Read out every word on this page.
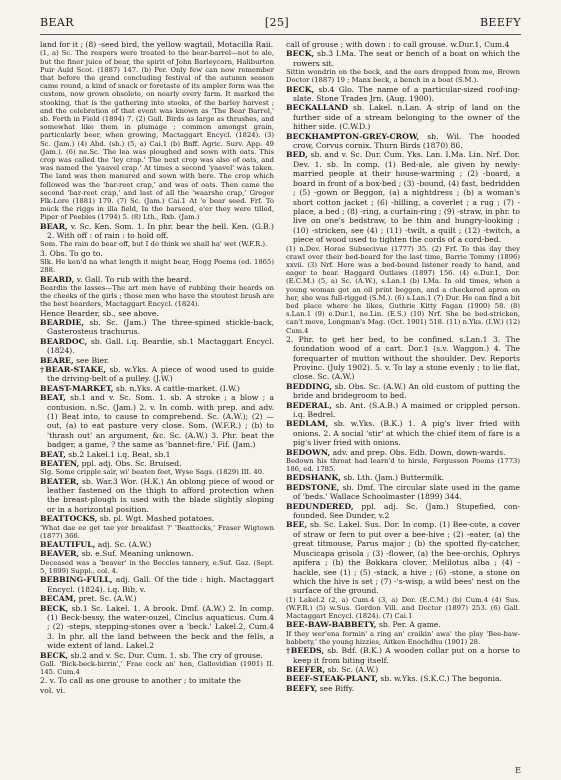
BEAR	[25]	BEEFY

land for it ; (8) -seed bird, the yellow wagtail, Motacilla Raii.

(1, a) Sc. The reapers were treated to the bear-barrel—not to ale, but the finer juice of bear, the spirit of John Barleycorn, Haliburton Puir Auld Scot. (1887) 147. (b) Per. Only few can now remember that before the grand concluding festival of the autumn season came round, a kind of snack or foretaste of its ampler form was the custom, now grown obsolete, on nearly every farm. It marked the stooking, that is the gathering into stooks, of the barley harvest ; and the celebration of that event was known as 'The Bear Barrel,' sb. Forth in Field (1894) 7. (2) Gall. Birds as large as thrushes, and somewhat like them in plumage ; common amongst grain, particularly beer, when growing, Mactaggart Encycl. (1824). (3) Sc. (Jam.) (4) Abd. (sb.) (5, a) Cai.1 (b) Bnff. Agric. Surv. App. 49 (Jam.). (6) ne.Sc. The lea was ploughed and sown with oats. This crop was called the 'ley crap.' The next crop was also of oats, and was named the 'yaavel crap.' At times a second 'yaavel' was taken. The land was then manured and sown with bere. The crop which followed was the 'bar-reet crap,' and was of oats. Then came the second 'bar-reet crap,' and last of all the 'waarshe crap,' Gregor Flk-Lore (1881) 179. (7) Sc. (Jam.) Cai.1 At 'e bear seed. Frf. To muck the riggs in illa field, In the barseed, e'er they were tilled, Piper of Peebles (1794) 5. (8) Lth., Rxb. (Jam.)

BEAR, v. Sc. Ken. Som. 1. In phr. bear the bell. Ken. (G.B.) 2. With off : of rain : to hold off.

Som. The rain do bear off, but I do think we shall ha' wet (W.F.R.).

3. Obs. To go to.

Slk. He ken'd na what length it might bear, Hogg Poems (ed. 1865) 288.

BEARD, v. Gall. To rub with the beard.

Beardin the lasses—The art men have of rubbing their beards on the cheeks of the girls ; those men who have the stoutest brush are the best bearders, Mactaggart Encycl. (1824).

Hence Bearder, sb., see above.

BEARDIE, sb. Sc. (Jam.) The three-spined stickle-back, Gasterosteus trachurus.

BEARDOC, sb. Gall. i.q. Beardie, sb.1 Mactaggart Encycl. (1824).

BEARE, see Bier.

†BEAR-STAKE, sb. w.Yks. A piece of wood used to guide the driving-belt of a pulley. (J.W.)

BEAST-MARKET, sb. n.Yks. A cattle-market. (I.W.)

BEAT, sb.1 and v. Sc. Som. 1. sb. A stroke ; a blow ; a contusion. n.Sc. (Jam.) 2. v. In comb. with prep. and adv. (1) Beat into, to cause to comprehend. Sc. (A.W.); (2) — out, (a) to eat pasture very close. Som. (W.F.R.) ; (b) to 'thrash out' an argument, &c. Sc. (A.W.) 3. Phr. beat the badger, a game, ? the same as 'bannet-fire.' Fif. (Jam.)

BEAT, sb.2 Lakel.1 i.q. Beat, sb.1

BEATEN, ppl. adj. Obs. Sc. Bruised.

Slg. Some cripple sair, wi' beaten feet, Wyse Sags. (1829) III. 40.

BEATER, sb. War.3 Wor. (H.K.) An oblong piece of wood or leather fastened on the thigh to afford protection when the breast-plough is used with the blade slightly sloping or in a horizontal position.

BEATTOCKS, sb. pl. Wgt. Mashed potatoes.

'What dae ee get tae yer breakfast ?' 'Beattocks,' Fraser Wigtown (1877) 366.

BEAUTIFUL, adj. Sc. (A.W.)

BEAVER, sb. e.Suf. Meaning unknown.

Deceased was a 'beaver' in the Beccles tannery, e.Suf. Gaz. (Sept. 5, 1899) Suppl., col. 4.

BEBBING-FULL, adj. Gall. Of the tide : high. Mactaggart Encycl. (1824). i.q. Bib, v.

BECAM, pret. Sc. (A.W.)

BECK, sb.1 Sc. Lakel. 1. A brook. Dmf. (A.W.) 2. In comp. (1) Beck-bessy, the water-ouzel, Cinclus aquaticus. Cum.4 ; (2) -steps, stepping-stones over a 'beck.' Lakel.2, Cum.4 3. In phr. all the land between the beck and the fells, a wide extent of land. Lakel.2

BECK, sb.2 and v. Sc. Dur. Cum. 1. sb. The cry of grouse.

Gall. 'Bick-beck-birrin',' Frae cock an' hen, Gallovidian (1901) II. 145. Cum.4

2. v. To call as one grouse to another ; to imitate the

vol. vi.

call of grouse ; with down : to call grouse. w.Dur.1, Cum.4

BECK, sb.3 I.Ma. The seat or bench of a boat on which the rowers sit.

Sittin wondrin on the beck, and the ears dropped from me, Brown Doctor (1887) 19 ; Manx beck, a bench in a boat (S.M.).

BECK, sb.4 Glo. The name of a particular-sized roof-ing-slate. Stone Trades Jrn. (Aug. 1900).

BECKALLAND sb. Lakel. n.Lan. A strip of land on the further side of a stream belonging to the owner of the hither side. (C.W.D.)

BECKHAMPTON-GREY-CROW, sb. Wil. The hooded crow, Corvus cornix. Thurn Birds (1870) 86.

BED, sb. and v. Sc. Dur. Cum. Yks. Lan. I.Ma. Lin. Nrf. Dor. Dev. 1. sb. In comp. (1) Bed-ale, ale given by newly-married people at their house-warming ; (2) -board, a board in front of a box-bed ; (3) -bound, (4) fast, bedridden ; (5) -gown or Beggon, (a) a nightdress ; (b) a woman's short cotton jacket ; (6) -hilling, a coverlet ; a rug ; (7) -place, a bed ; (8) -ring, a curtain-ring ; (9) -straw, in phr. to live on one's bedstraw, to be thin and hungry-looking ; (10) -stricken, see (4) ; (11) -twilt, a quilt ; (12) -twitch, a piece of wood used to tighten the cords of a cord-bed.

(1) n.Dev. Horae Subsecivae (1777) 35. (2) Frf. To this day they crawl over their bed-board for the last time, Barrie Tommy (1896) xxvii. (3) Nrf. Here was a bed-bound listener ready to hand, and eager to hear. Haggard Outlaws (1897) 156. (4) e.Dur.1, Dor. (E.C.M.) (5, a) Sc. (A.W.), s.Lan.1 (b) I.Ma. In old times, when a young woman got an oil print beggon, and a checkered apron on her, she was full-rigged (S.M.). (6) s.Lan.1 (7) Dur. He can find a bit bed place where he likes, Guthrie Kitty Fagan (1900) 58. (8) s.Lan.1 (9) e.Dur.1, ne.Lin. (E.S.) (10) Nrf. She be bed-stricken, can't move, Longman's Mag. (Oct. 1901) 518. (11) n.Yks. (I.W.) (12) Cum.4

2. Phr. to get her bed, to be confined. s.Lan.1 3. The foundation wood of a cart. Dor.1 (s.v. Waggon.) 4. The forequarter of mutton without the shoulder. Dev. Reports Provinc. (July 1902). 5. v. To lay a stone evenly ; to lie flat, close. Sc. (A.W.)

BEDDING, sb. Obs. Sc. (A.W.) An old custom of putting the bride and bridegroom to bed.

BEDERAL, sb. Ant. (S.A.B.) A maimed or crippled person. i.q. Bedrel.

BEDLAM, sb. w.Yks. (B.K.) 1. A pig's liver fried with onions. 2. A social 'stir' at which the chief item of fare is a pig's liver fried with onions.

BEDOWN, adv. and prep. Obs. Edb. Down, down-wards.

Bedown his throat had learn'd to hirsle, Fergusson Poems (1773) 186, ed. 1785.

BEDSHANK, sb. Lth. (Jam.) Buttermilk.

BEDSTONE, sb. Dmf. The circular slate used in the game of 'beds.' Wallace Schoolmaster (1899) 344.

BEDUNDERED, ppl. adj. Sc. (Jam.) Stupefied, con-founded. See Dunder, v.2

BEE, sb. Sc. Lakel. Sus. Dor. In comp. (1) Bee-cote, a cover of straw or fern to put over a bee-hive ; (2) -eater, (a) the great titmouse, Parus major ; (b) the spotted fly-catcher, Muscicapa grisola ; (3) -flower, (a) the bee-orchis, Ophrys apifera ; (b) the Bokkara clover, Melilotus alba ; (4) -hackle, see (1) ; (5) -stack, a hive ; (6) -stone, a stone on which the hive is set ; (7) -'s-wisp, a wild bees' nest on the surface of the ground.

(1) Lakel.2 (2, a) Cum.4 (3, a) Dor. (E.C.M.) (b) Cum.4 (4) Sus. (W.F.R.) (5) w.Sus. Gordon Vill. and Doctor (1897) 253. (6) Gall. Mactaggart Encycl. (1824). (7) Cai.1

BEE-BAW-BABBETY, sb. Per. A game.

If they wer'ena formin' a ring an' craikin' awa' the play 'Bee-baw-babbety,' the young hizzies, Aitken Enochdhu (1901) 28.

†BEEDS, sb. Bdf. (B.K.) A wooden collar put on a horse to keep it from biting itself.

BEEFER, sb. Sc. (A.W.)

BEEF-STEAK-PLANT, sb. w.Yks. (S.K.C.) The begonia.

BEEFY, see Biffy.

E
